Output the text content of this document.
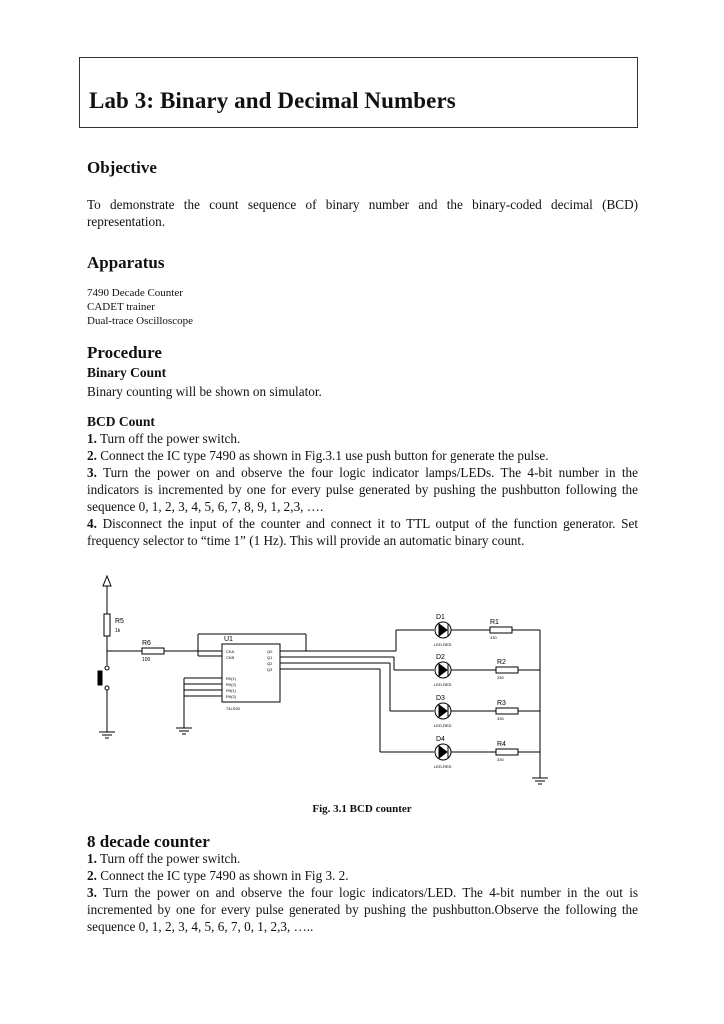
Lab 3: Binary and Decimal Numbers
Objective

To demonstrate the count sequence of binary number and the binary-coded decimal (BCD) representation.

Apparatus
7490 Decade Counter
CADET trainer
Dual-trace Oscilloscope
Procedure
Binary Count

Binary counting will be shown on simulator.

BCD Count
1. Turn off the power switch.
2. Connect the IC type 7490 as shown in Fig.3.1 use push button for generate the pulse.
3. Turn the power on and observe the four logic indicator lamps/LEDs. The 4-bit number in the indicators is incremented by one for every pulse generated by pushing the pushbutton following the sequence 0, 1, 2, 3, 4, 5, 6, 7, 8, 9, 1, 2,3, ….
4. Disconnect the input of the counter and connect it to TTL output of the function generator. Set frequency selector to “time 1” (1 Hz). This will provide an automatic binary count.
R5
1k
R6
100
U1
74LS90
CKA
CKB
Q0
Q1
Q2
Q3
R0(1)
R0(2)
R9(1)
R9(2)
D1
D2
D3
D4
LED-RED
LED-RED
LED-RED
LED-RED
R1
R2
R3
R4
330
330
330
330

Fig. 3.1 BCD counter

8 decade counter
1. Turn off the power switch.
2. Connect the IC type 7490 as shown in Fig 3. 2.
3. Turn the power on and observe the four logic indicators/LED. The 4-bit number in the out is incremented by one for every pulse generated by pushing the pushbutton.Observe the following the sequence 0, 1, 2, 3, 4, 5, 6, 7, 0, 1, 2,3, …..
